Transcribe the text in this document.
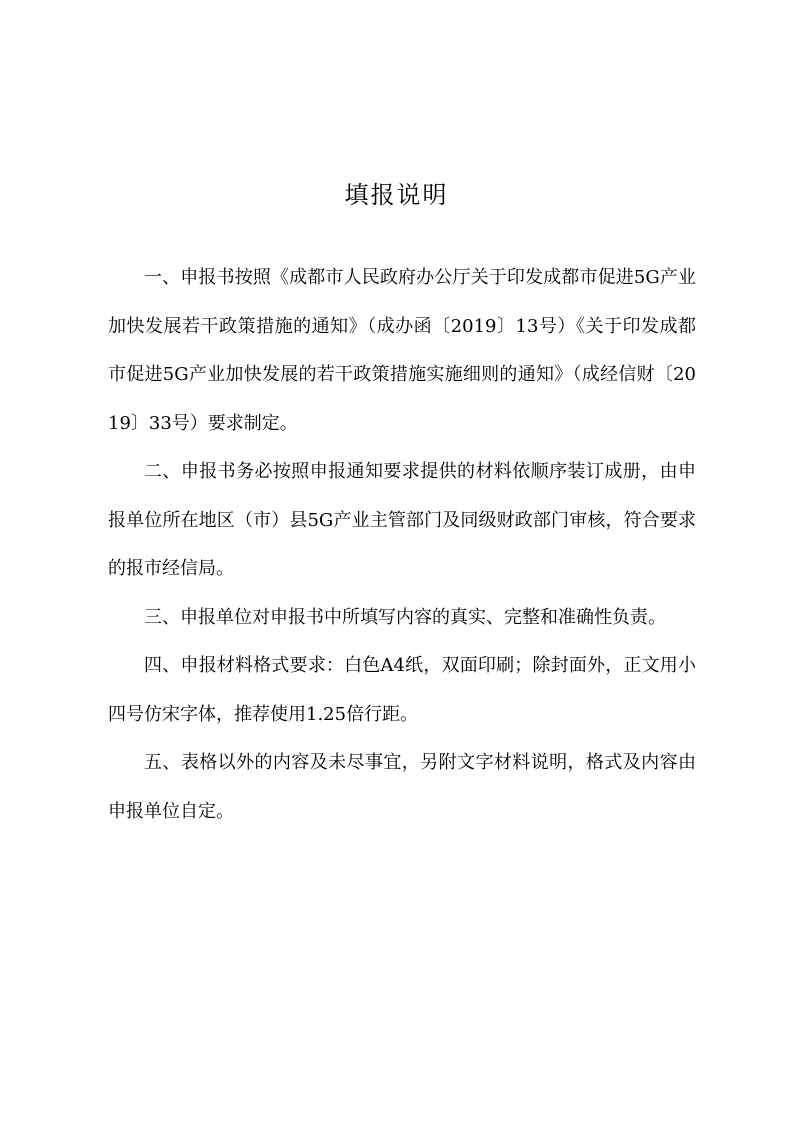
填报说明

一、申报书按照《成都市人民政府办公厅关于印发成都市促进5G产业加快发展若干政策措施的通知》（成办函〔2019〕13号）《关于印发成都市促进5G产业加快发展的若干政策措施实施细则的通知》（成经信财〔2019〕33号）要求制定。

二、申报书务必按照申报通知要求提供的材料依顺序装订成册，由申报单位所在地区（市）县5G产业主管部门及同级财政部门审核，符合要求的报市经信局。

三、申报单位对申报书中所填写内容的真实、完整和准确性负责。

四、申报材料格式要求：白色A4纸，双面印刷；除封面外，正文用小四号仿宋字体，推荐使用1.25倍行距。

五、表格以外的内容及未尽事宜，另附文字材料说明，格式及内容由申报单位自定。
